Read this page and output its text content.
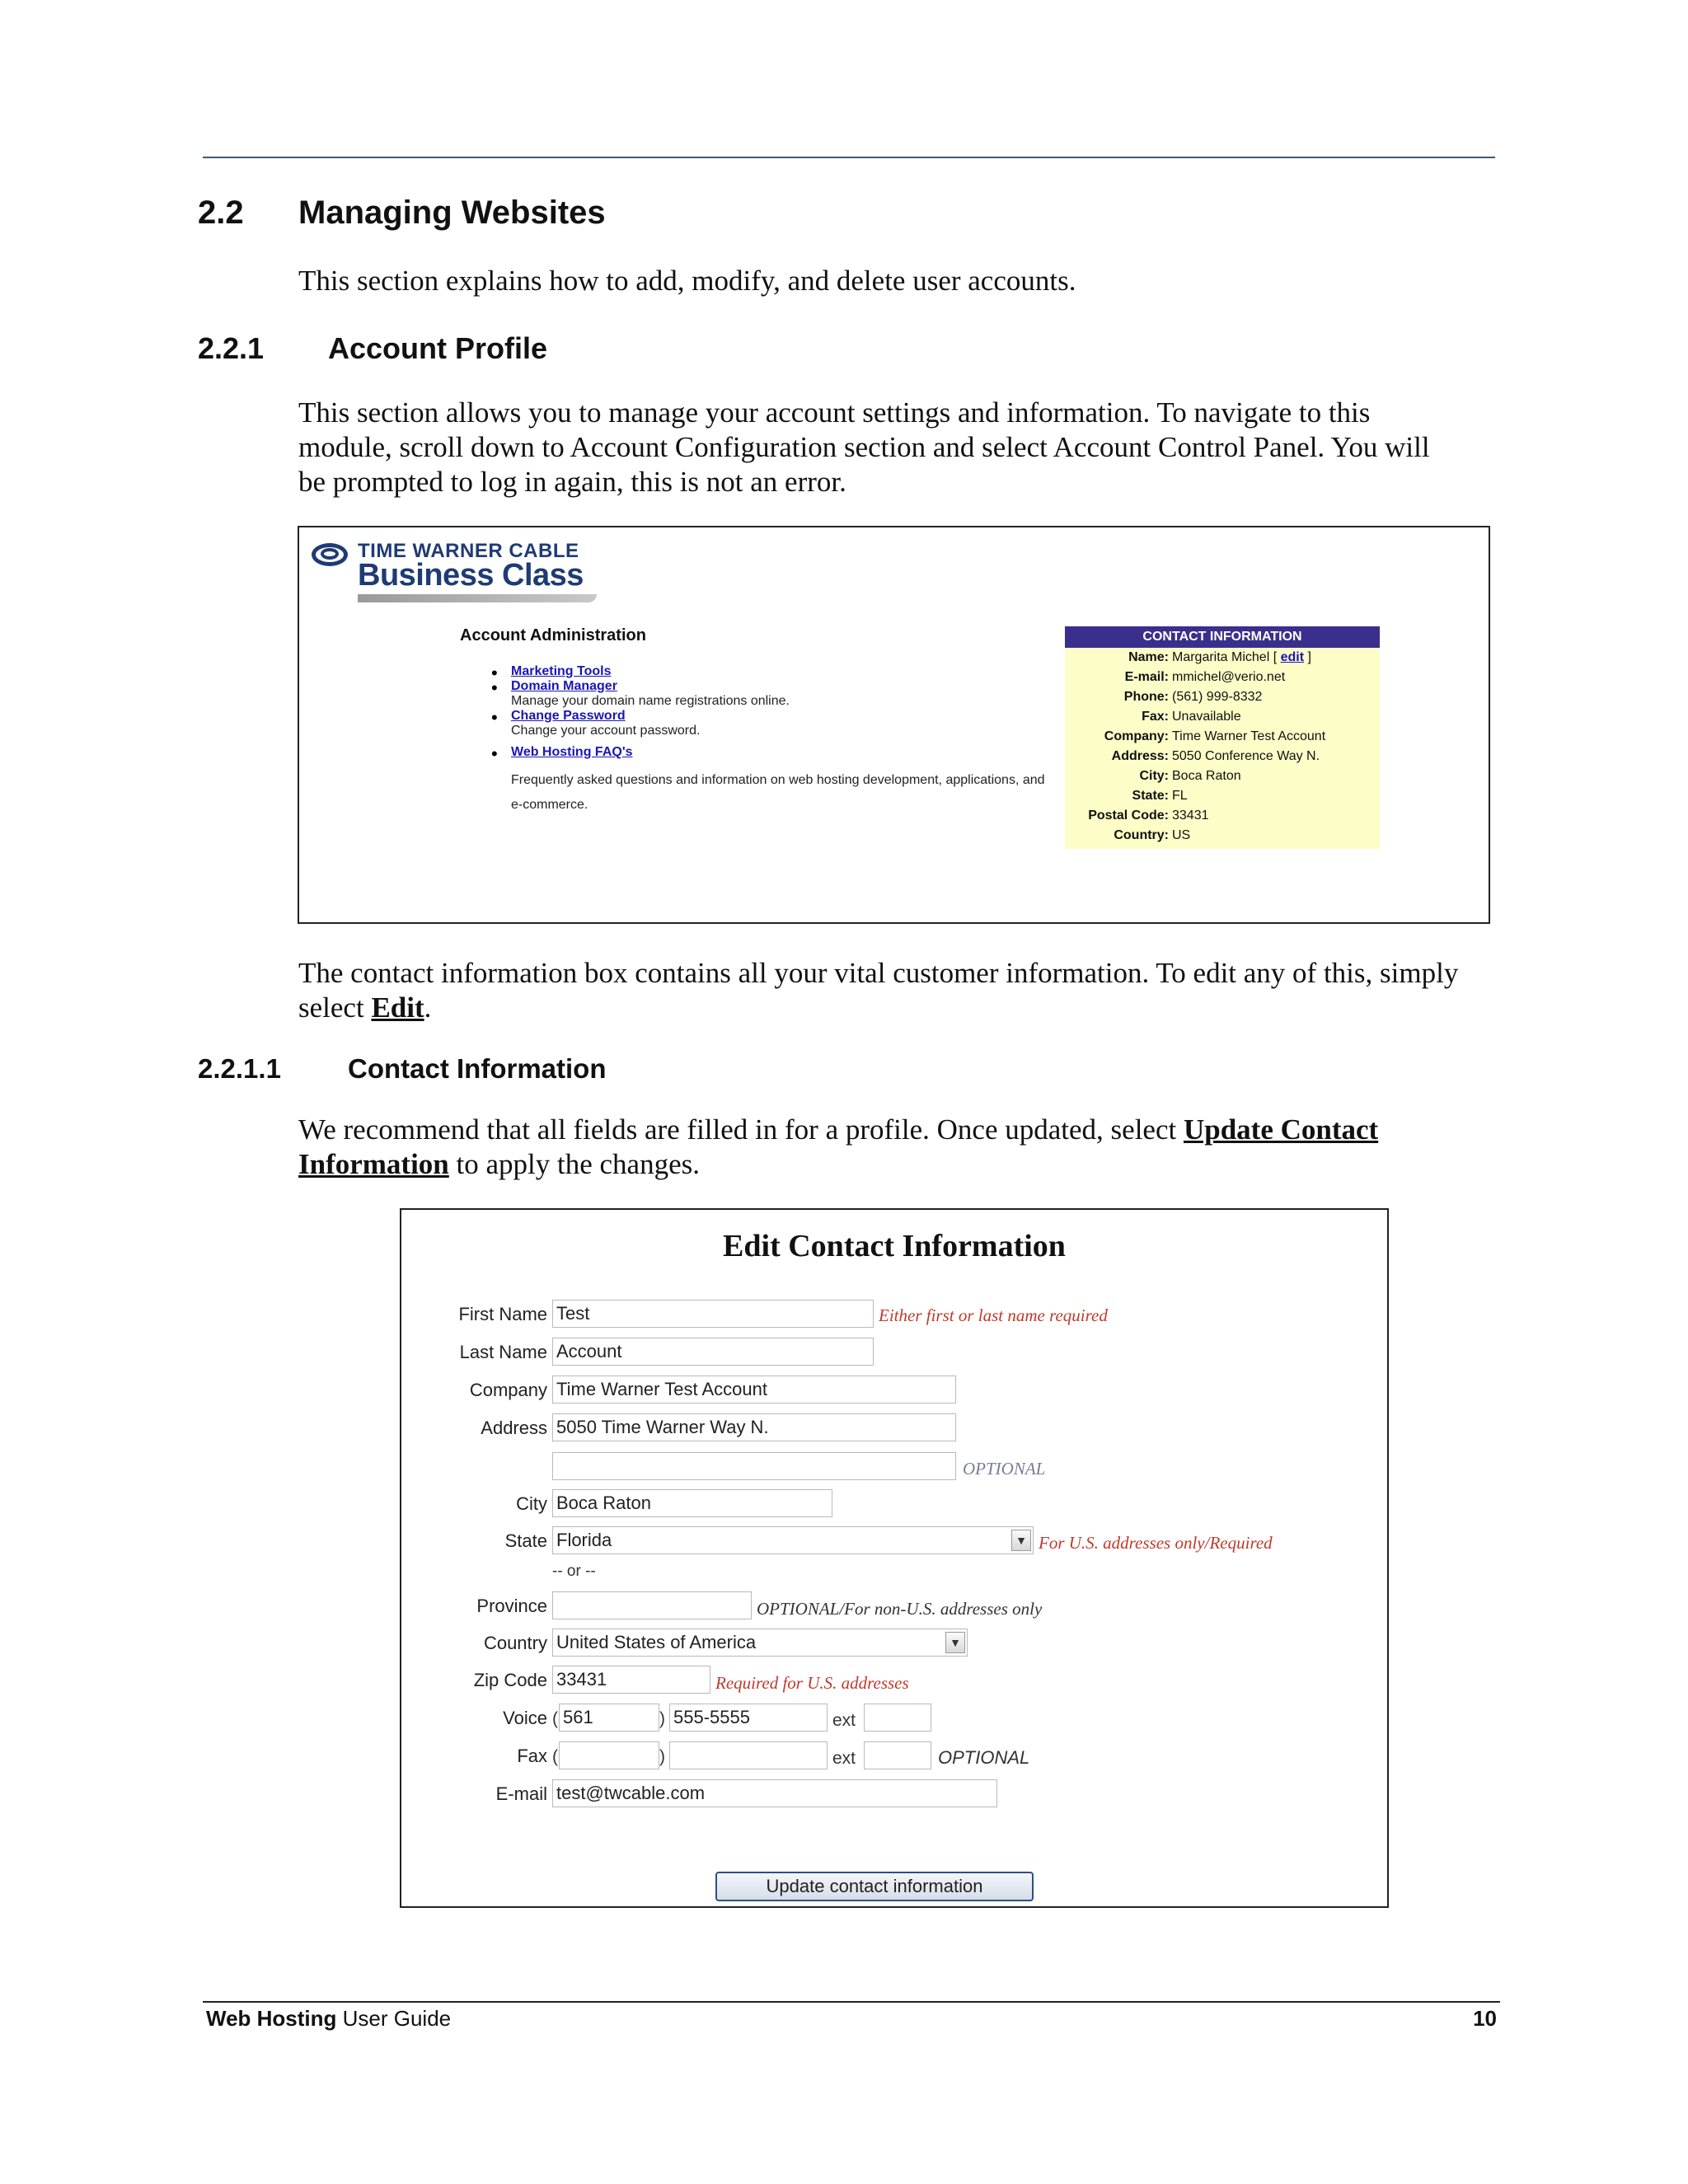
2.2 Managing Websites
This section explains how to add, modify, and delete user accounts.
2.2.1 Account Profile
This section allows you to manage your account settings and information. To navigate to this module, scroll down to Account Configuration section and select Account Control Panel. You will be prompted to log in again, this is not an error.
TIME WARNER CABLE
Business Class
Account Administration
• Marketing Tools
• Domain Manager
Manage your domain name registrations online.
• Change Password
Change your account password.
• Web Hosting FAQ's
Frequently asked questions and information on web hosting development, applications, and e-commerce.
CONTACT INFORMATION
Name: Margarita Michel [ edit ]
E-mail: mmichel@verio.net
Phone: (561) 999-8332
Fax: Unavailable
Company: Time Warner Test Account
Address: 5050 Conference Way N.
City: Boca Raton
State: FL
Postal Code: 33431
Country: US
The contact information box contains all your vital customer information. To edit any of this, simply select Edit.
2.2.1.1 Contact Information
We recommend that all fields are filled in for a profile. Once updated, select Update Contact Information to apply the changes.
Edit Contact Information
First Name Test	Either first or last name required
Last Name Account
Company Time Warner Test Account
Address 5050 Time Warner Way N.
OPTIONAL
City Boca Raton
State Florida	▼ For U.S. addresses only/Required
-- or --
Province	OPTIONAL/For non-U.S. addresses only
Country United States of America	▼
Zip Code 33431	Required for U.S. addresses
Voice ( 561	) 555-5555	ext
Fax (	)	ext	OPTIONAL
E-mail test@twcable.com
Update contact information
Web Hosting User Guide	10
